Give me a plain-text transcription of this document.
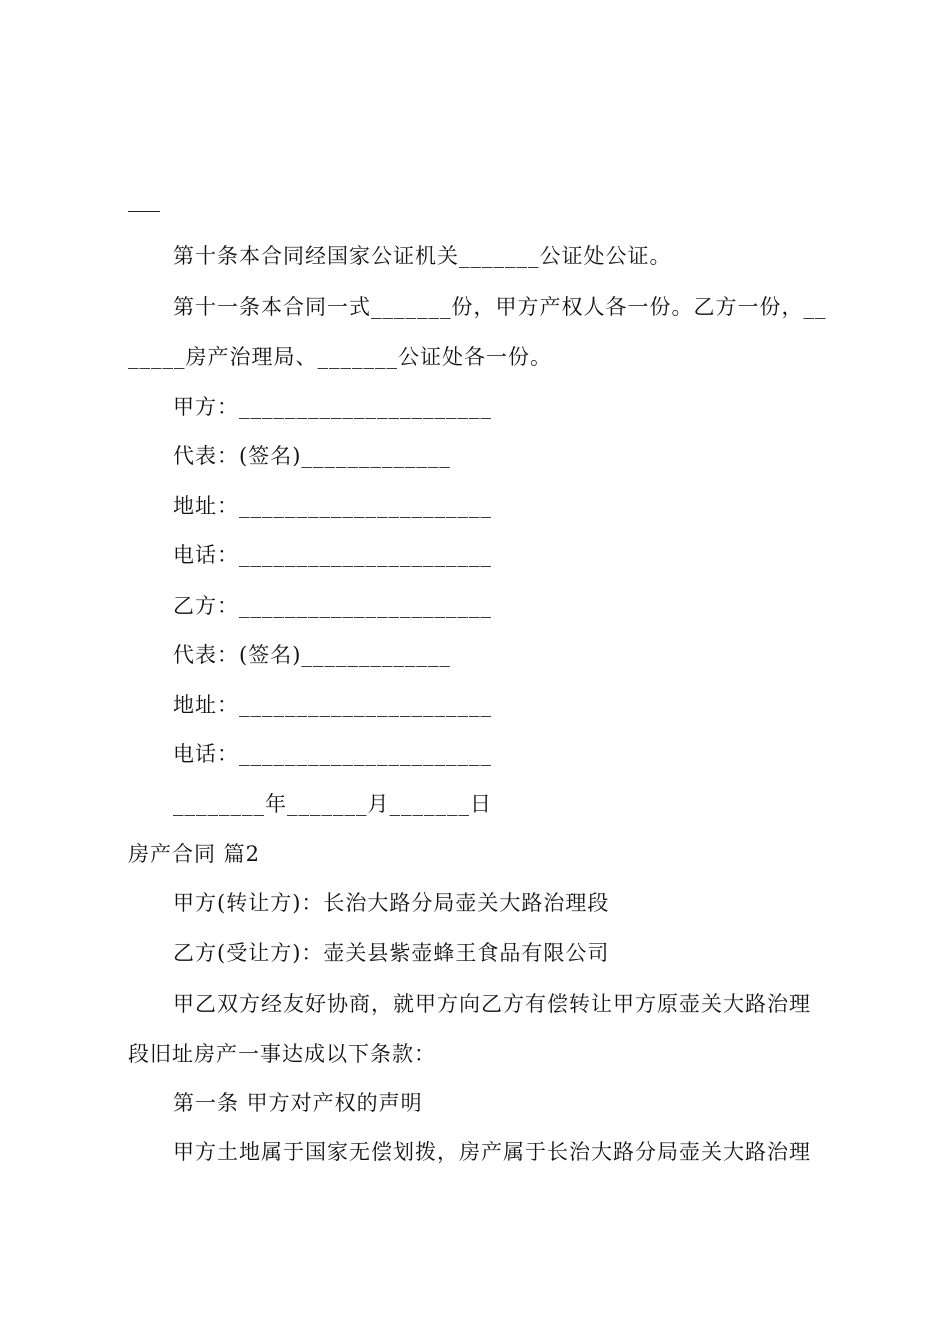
第十条本合同经国家公证机关_______公证处公证。
第十一条本合同一式_______份，甲方产权人各一份。乙方一份，__
_____房产治理局、_______公证处各一份。
甲方：______________________
代表：(签名)_____________
地址：______________________
电话：______________________
乙方：______________________
代表：(签名)_____________
地址：______________________
电话：______________________
________年_______月_______日
房产合同 篇2
甲方(转让方)：长治大路分局壶关大路治理段
乙方(受让方)：壶关县紫壶蜂王食品有限公司
甲乙双方经友好协商，就甲方向乙方有偿转让甲方原壶关大路治理
段旧址房产一事达成以下条款：
第一条 甲方对产权的声明
甲方土地属于国家无偿划拨，房产属于长治大路分局壶关大路治理
